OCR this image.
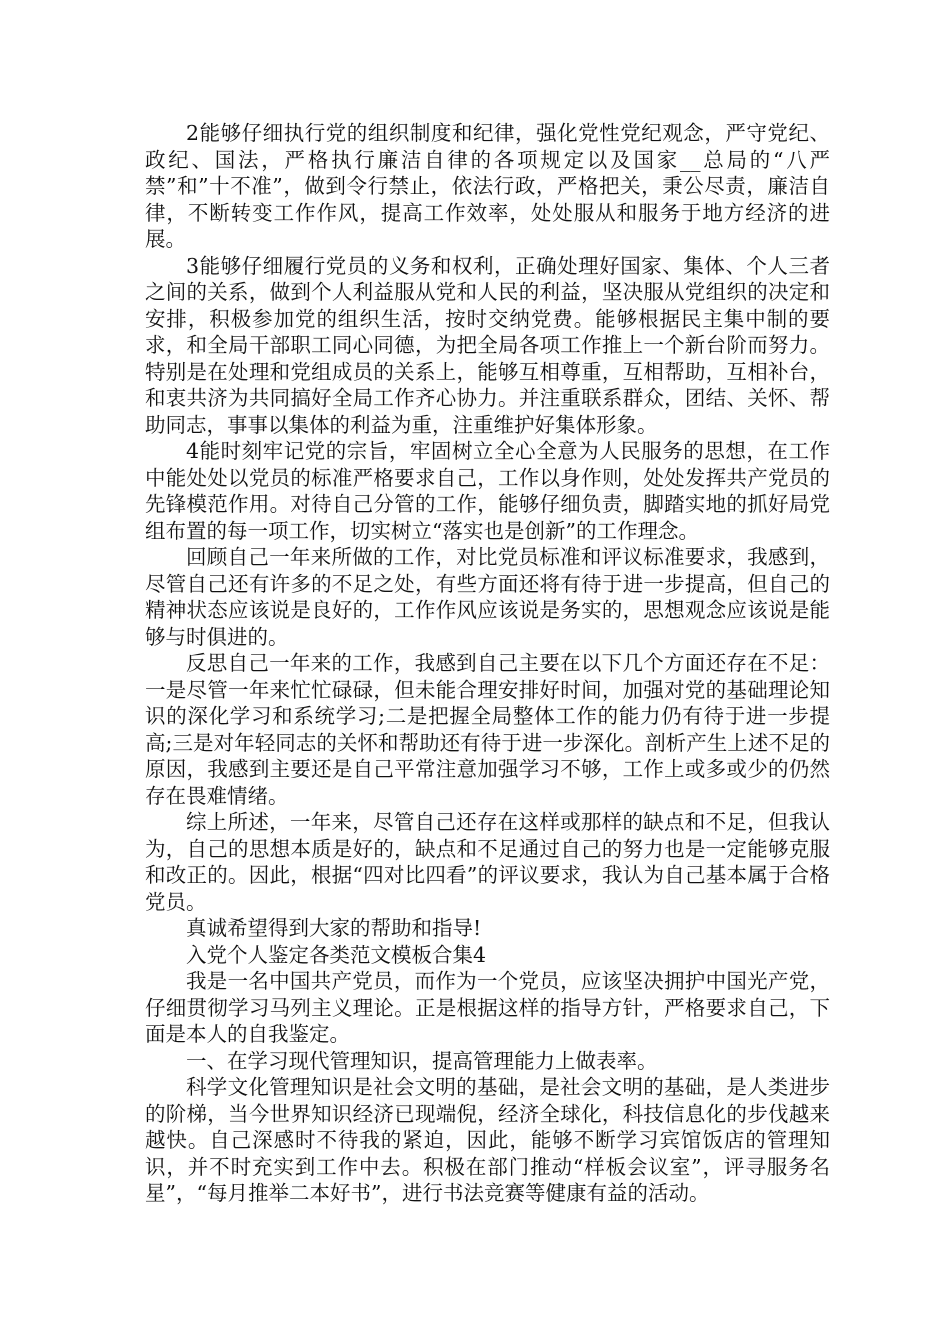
2能够仔细执行党的组织制度和纪律，强化党性党纪观念，严守党纪、政纪、国法，严格执行廉洁自律的各项规定以及国家__总局的“八严禁”和”十不准”，做到令行禁止，依法行政，严格把关，秉公尽责，廉洁自律，不断转变工作作风，提高工作效率，处处服从和服务于地方经济的进展。

3能够仔细履行党员的义务和权利，正确处理好国家、集体、个人三者之间的关系，做到个人利益服从党和人民的利益，坚决服从党组织的决定和安排，积极参加党的组织生活，按时交纳党费。能够根据民主集中制的要求，和全局干部职工同心同德，为把全局各项工作推上一个新台阶而努力。特别是在处理和党组成员的关系上，能够互相尊重，互相帮助，互相补台，和衷共济为共同搞好全局工作齐心协力。并注重联系群众，团结、关怀、帮助同志，事事以集体的利益为重，注重维护好集体形象。

4能时刻牢记党的宗旨，牢固树立全心全意为人民服务的思想，在工作中能处处以党员的标准严格要求自己，工作以身作则，处处发挥共产党员的先锋模范作用。对待自己分管的工作，能够仔细负责，脚踏实地的抓好局党组布置的每一项工作，切实树立“落实也是创新”的工作理念。

回顾自己一年来所做的工作，对比党员标准和评议标准要求，我感到，尽管自己还有许多的不足之处，有些方面还将有待于进一步提高，但自己的精神状态应该说是良好的，工作作风应该说是务实的，思想观念应该说是能够与时俱进的。

反思自己一年来的工作，我感到自己主要在以下几个方面还存在不足：一是尽管一年来忙忙碌碌，但未能合理安排好时间，加强对党的基础理论知识的深化学习和系统学习;二是把握全局整体工作的能力仍有待于进一步提高;三是对年轻同志的关怀和帮助还有待于进一步深化。剖析产生上述不足的原因，我感到主要还是自己平常注意加强学习不够，工作上或多或少的仍然存在畏难情绪。

综上所述，一年来，尽管自己还存在这样或那样的缺点和不足，但我认为，自己的思想本质是好的，缺点和不足通过自己的努力也是一定能够克服和改正的。因此，根据“四对比四看”的评议要求，我认为自己基本属于合格党员。

真诚希望得到大家的帮助和指导!

入党个人鉴定各类范文模板合集4

我是一名中国共产党员，而作为一个党员，应该坚决拥护中国光产党，仔细贯彻学习马列主义理论。正是根据这样的指导方针，严格要求自己，下面是本人的自我鉴定。

一、在学习现代管理知识，提高管理能力上做表率。

科学文化管理知识是社会文明的基础，是社会文明的基础，是人类进步的阶梯，当今世界知识经济已现端倪，经济全球化，科技信息化的步伐越来越快。自己深感时不待我的紧迫，因此，能够不断学习宾馆饭店的管理知识，并不时充实到工作中去。积极在部门推动“样板会议室”，评寻服务名星”，“每月推举二本好书”，进行书法竞赛等健康有益的活动。
